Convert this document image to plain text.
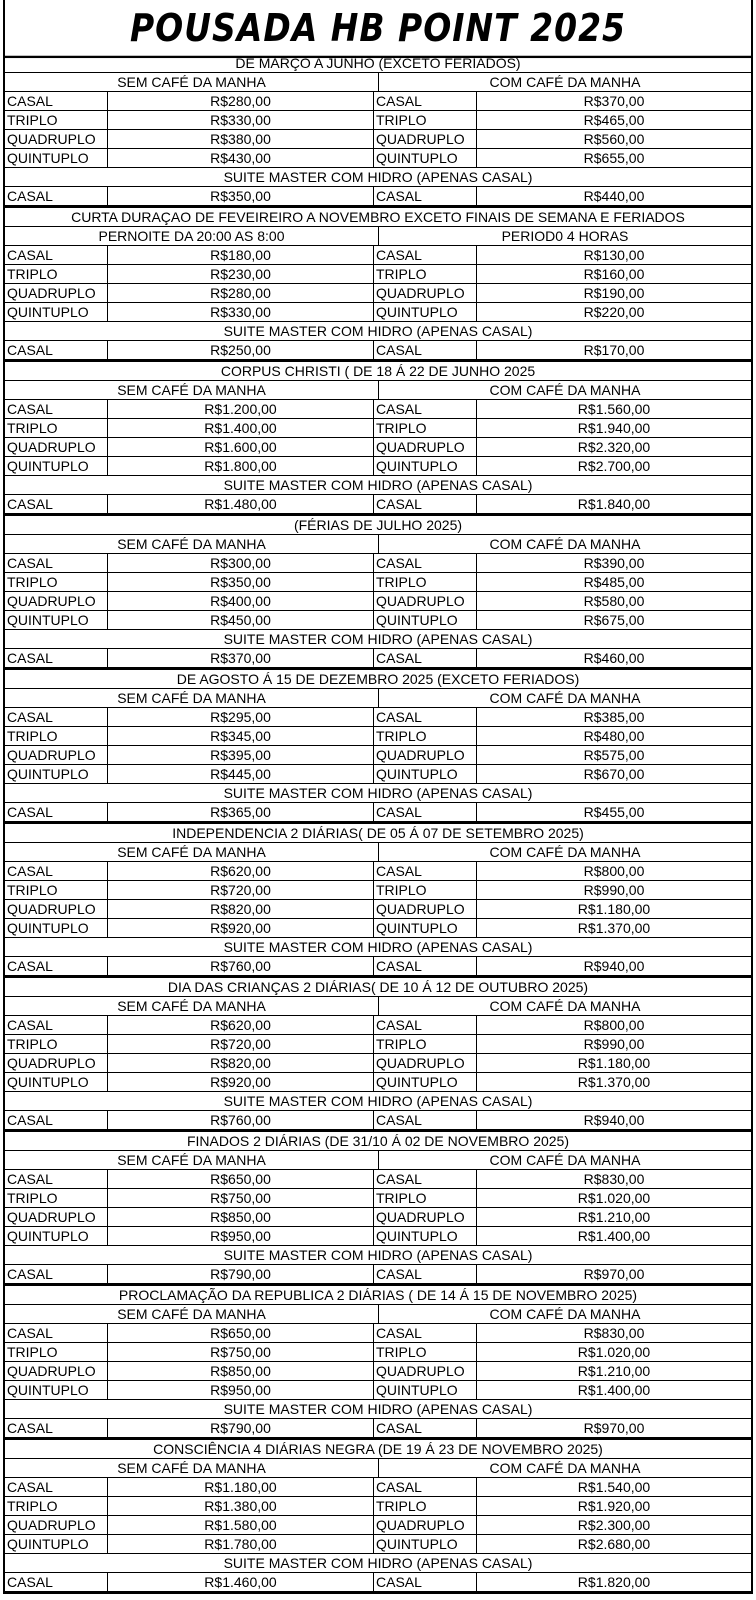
POUSADA HB POINT 2025
DE MARÇO A JUNHO (EXCETO FERIADOS)
SEM CAFÉ DA MANHA	COM CAFÉ DA MANHA
CASAL	R$280,00	CASAL	R$370,00
TRIPLO	R$330,00	TRIPLO	R$465,00
QUADRUPLO	R$380,00	QUADRUPLO	R$560,00
QUINTUPLO	R$430,00	QUINTUPLO	R$655,00
SUITE MASTER COM HIDRO (APENAS CASAL)
CASAL	R$350,00	CASAL	R$440,00
CURTA DURAÇAO DE FEVEIREIRO A NOVEMBRO EXCETO FINAIS DE SEMANA E FERIADOS
PERNOITE DA 20:00 AS 8:00	PERIOD0 4 HORAS
CASAL	R$180,00	CASAL	R$130,00
TRIPLO	R$230,00	TRIPLO	R$160,00
QUADRUPLO	R$280,00	QUADRUPLO	R$190,00
QUINTUPLO	R$330,00	QUINTUPLO	R$220,00
SUITE MASTER COM HIDRO (APENAS CASAL)
CASAL	R$250,00	CASAL	R$170,00
CORPUS CHRISTI ( DE 18 Á 22 DE JUNHO 2025
SEM CAFÉ DA MANHA	COM CAFÉ DA MANHA
CASAL	R$1.200,00	CASAL	R$1.560,00
TRIPLO	R$1.400,00	TRIPLO	R$1.940,00
QUADRUPLO	R$1.600,00	QUADRUPLO	R$2.320,00
QUINTUPLO	R$1.800,00	QUINTUPLO	R$2.700,00
SUITE MASTER COM HIDRO (APENAS CASAL)
CASAL	R$1.480,00	CASAL	R$1.840,00
(FÉRIAS DE JULHO 2025)
SEM CAFÉ DA MANHA	COM CAFÉ DA MANHA
CASAL	R$300,00	CASAL	R$390,00
TRIPLO	R$350,00	TRIPLO	R$485,00
QUADRUPLO	R$400,00	QUADRUPLO	R$580,00
QUINTUPLO	R$450,00	QUINTUPLO	R$675,00
SUITE MASTER COM HIDRO (APENAS CASAL)
CASAL	R$370,00	CASAL	R$460,00
DE AGOSTO Á 15 DE DEZEMBRO 2025 (EXCETO FERIADOS)
SEM CAFÉ DA MANHA	COM CAFÉ DA MANHA
CASAL	R$295,00	CASAL	R$385,00
TRIPLO	R$345,00	TRIPLO	R$480,00
QUADRUPLO	R$395,00	QUADRUPLO	R$575,00
QUINTUPLO	R$445,00	QUINTUPLO	R$670,00
SUITE MASTER COM HIDRO (APENAS CASAL)
CASAL	R$365,00	CASAL	R$455,00
INDEPENDENCIA 2 DIÁRIAS( DE 05 Á 07 DE SETEMBRO 2025)
SEM CAFÉ DA MANHA	COM CAFÉ DA MANHA
CASAL	R$620,00	CASAL	R$800,00
TRIPLO	R$720,00	TRIPLO	R$990,00
QUADRUPLO	R$820,00	QUADRUPLO	R$1.180,00
QUINTUPLO	R$920,00	QUINTUPLO	R$1.370,00
SUITE MASTER COM HIDRO (APENAS CASAL)
CASAL	R$760,00	CASAL	R$940,00
DIA DAS CRIANÇAS 2 DIÁRIAS( DE 10 Á 12 DE OUTUBRO 2025)
SEM CAFÉ DA MANHA	COM CAFÉ DA MANHA
CASAL	R$620,00	CASAL	R$800,00
TRIPLO	R$720,00	TRIPLO	R$990,00
QUADRUPLO	R$820,00	QUADRUPLO	R$1.180,00
QUINTUPLO	R$920,00	QUINTUPLO	R$1.370,00
SUITE MASTER COM HIDRO (APENAS CASAL)
CASAL	R$760,00	CASAL	R$940,00
FINADOS 2 DIÁRIAS (DE 31/10 Á 02 DE NOVEMBRO 2025)
SEM CAFÉ DA MANHA	COM CAFÉ DA MANHA
CASAL	R$650,00	CASAL	R$830,00
TRIPLO	R$750,00	TRIPLO	R$1.020,00
QUADRUPLO	R$850,00	QUADRUPLO	R$1.210,00
QUINTUPLO	R$950,00	QUINTUPLO	R$1.400,00
SUITE MASTER COM HIDRO (APENAS CASAL)
CASAL	R$790,00	CASAL	R$970,00
PROCLAMAÇÃO DA REPUBLICA 2 DIÁRIAS ( DE 14 Á 15 DE NOVEMBRO 2025)
SEM CAFÉ DA MANHA	COM CAFÉ DA MANHA
CASAL	R$650,00	CASAL	R$830,00
TRIPLO	R$750,00	TRIPLO	R$1.020,00
QUADRUPLO	R$850,00	QUADRUPLO	R$1.210,00
QUINTUPLO	R$950,00	QUINTUPLO	R$1.400,00
SUITE MASTER COM HIDRO (APENAS CASAL)
CASAL	R$790,00	CASAL	R$970,00
CONSCIÊNCIA 4 DIÁRIAS NEGRA (DE 19 Á 23 DE NOVEMBRO 2025)
SEM CAFÉ DA MANHA	COM CAFÉ DA MANHA
CASAL	R$1.180,00	CASAL	R$1.540,00
TRIPLO	R$1.380,00	TRIPLO	R$1.920,00
QUADRUPLO	R$1.580,00	QUADRUPLO	R$2.300,00
QUINTUPLO	R$1.780,00	QUINTUPLO	R$2.680,00
SUITE MASTER COM HIDRO (APENAS CASAL)
CASAL	R$1.460,00	CASAL	R$1.820,00
